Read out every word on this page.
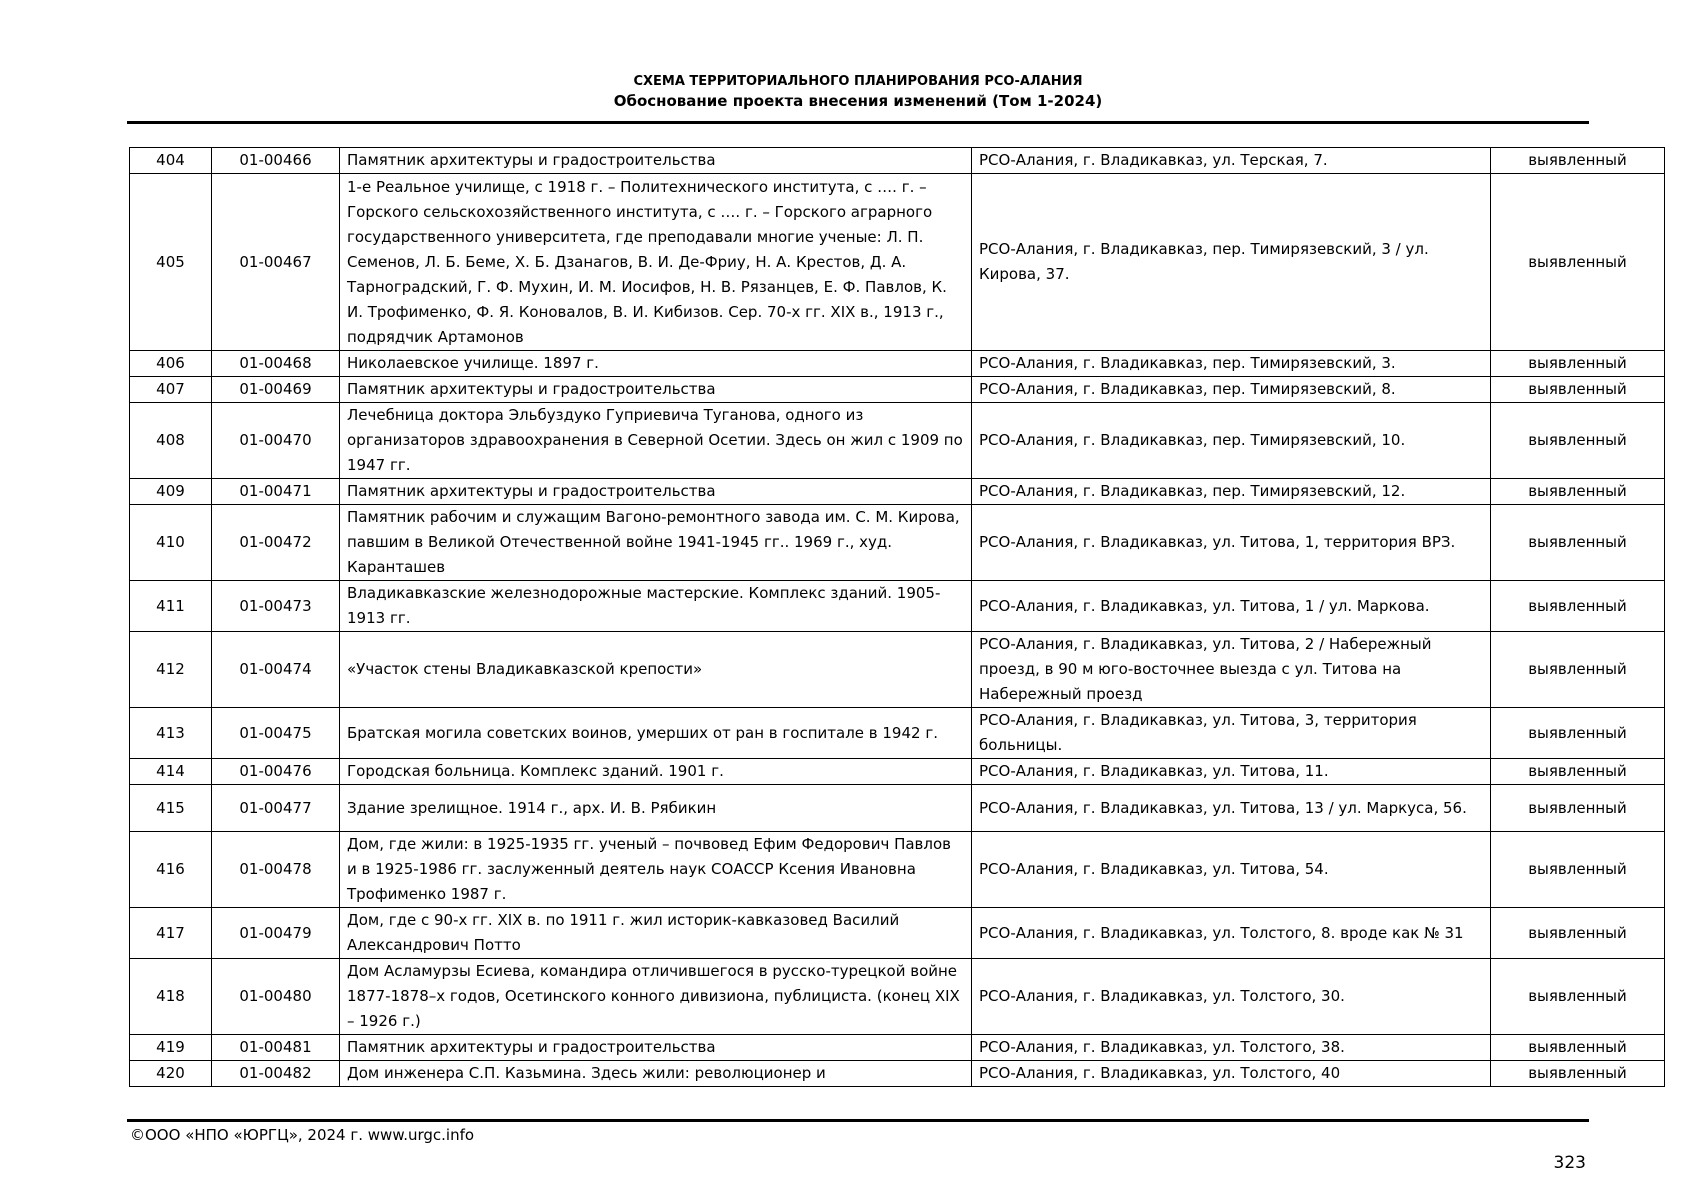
СХЕМА ТЕРРИТОРИАЛЬНОГО ПЛАНИРОВАНИЯ РСО-АЛАНИЯ
Обоснование проекта внесения изменений (Том 1-2024)
404	01-00466	Памятник архитектуры и градостроительства	РСО-Алания, г. Владикавказ, ул. Терская, 7.	выявленный
405	01-00467	1-е Реальное училище, с 1918 г. – Политехнического института, с …. г. – Горского сельскохозяйственного института, с …. г. – Горского аграрного государственного университета, где преподавали многие ученые: Л. П. Семенов, Л. Б. Беме, Х. Б. Дзанагов, В. И. Де-Фриу, Н. А. Крестов, Д. А. Тарноградский, Г. Ф. Мухин, И. М. Иосифов, Н. В. Рязанцев, Е. Ф. Павлов, К. И. Трофименко, Ф. Я. Коновалов, В. И. Кибизов. Сер. 70-х гг. XIX в., 1913 г., подрядчик Артамонов	РСО-Алания, г. Владикавказ, пер. Тимирязевский, 3 / ул. Кирова, 37.	выявленный
406	01-00468	Николаевское училище. 1897 г.	РСО-Алания, г. Владикавказ, пер. Тимирязевский, 3.	выявленный
407	01-00469	Памятник архитектуры и градостроительства	РСО-Алания, г. Владикавказ, пер. Тимирязевский, 8.	выявленный
408	01-00470	Лечебница доктора Эльбуздуко Гуприевича Туганова, одного из организаторов здравоохранения в Северной Осетии. Здесь он жил с 1909 по 1947 гг.	РСО-Алания, г. Владикавказ, пер. Тимирязевский, 10.	выявленный
409	01-00471	Памятник архитектуры и градостроительства	РСО-Алания, г. Владикавказ, пер. Тимирязевский, 12.	выявленный
410	01-00472	Памятник рабочим и служащим Вагоно-ремонтного завода им. С. М. Кирова, павшим в Великой Отечественной войне 1941-1945 гг.. 1969 г., худ. Каранташев	РСО-Алания, г. Владикавказ, ул. Титова, 1, территория ВРЗ.	выявленный
411	01-00473	Владикавказские железнодорожные мастерские. Комплекс зданий. 1905-1913 гг.	РСО-Алания, г. Владикавказ, ул. Титова, 1 / ул. Маркова.	выявленный
412	01-00474	«Участок стены Владикавказской крепости»	РСО-Алания, г. Владикавказ, ул. Титова, 2 / Набережный проезд, в 90 м юго-восточнее выезда с ул. Титова на Набережный проезд	выявленный
413	01-00475	Братская могила советских воинов, умерших от ран в госпитале в 1942 г.	РСО-Алания, г. Владикавказ, ул. Титова, 3, территория больницы.	выявленный
414	01-00476	Городская больница. Комплекс зданий. 1901 г.	РСО-Алания, г. Владикавказ, ул. Титова, 11.	выявленный
415	01-00477	Здание зрелищное. 1914 г., арх. И. В. Рябикин	РСО-Алания, г. Владикавказ, ул. Титова, 13 / ул. Маркуса, 56.	выявленный
416	01-00478	Дом, где жили: в 1925-1935 гг. ученый – почвовед Ефим Федорович Павлов и в 1925-1986 гг. заслуженный деятель наук СОАССР Ксения Ивановна Трофименко 1987 г.	РСО-Алания, г. Владикавказ, ул. Титова, 54.	выявленный
417	01-00479	Дом, где с 90-х гг. XIX в. по 1911 г. жил историк-кавказовед Василий Александрович Потто	РСО-Алания, г. Владикавказ, ул. Толстого, 8. вроде как № 31	выявленный
418	01-00480	Дом Асламурзы Есиева, командира отличившегося в русско-турецкой войне 1877-1878–х годов, Осетинского конного дивизиона, публициста. (конец XIX – 1926 г.)	РСО-Алания, г. Владикавказ, ул. Толстого, 30.	выявленный
419	01-00481	Памятник архитектуры и градостроительства	РСО-Алания, г. Владикавказ, ул. Толстого, 38.	выявленный
420	01-00482	Дом инженера С.П. Казьмина. Здесь жили: революционер и	РСО-Алания, г. Владикавказ, ул. Толстого, 40	выявленный
©ООО «НПО «ЮРГЦ», 2024 г. www.urgc.info
323
